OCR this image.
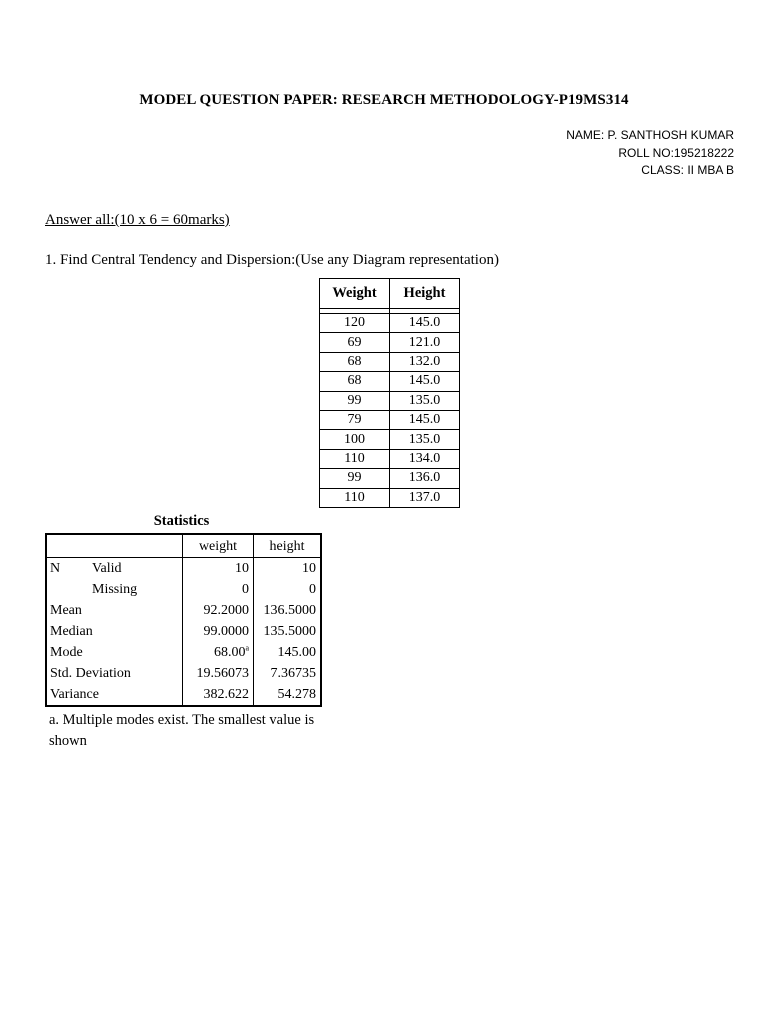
MODEL QUESTION PAPER: RESEARCH METHODOLOGY-P19MS314
NAME: P. SANTHOSH KUMAR
ROLL NO:195218222
CLASS: II MBA B
Answer all:(10 x 6 = 60marks)
1. Find Central Tendency and Dispersion:(Use any Diagram representation)
Weight	Height

120	145.0
69	121.0
68	132.0
68	145.0
99	135.0
79	145.0
100	135.0
110	134.0
99	136.0
110	137.0
Statistics
	weight	height
N Valid	10	10
Missing	0	0
Mean	92.2000	136.5000
Median	99.0000	135.5000
Mode	68.00$^a$	145.00
Std. Deviation	19.56073	7.36735
Variance	382.622	54.278
a. Multiple modes exist. The smallest value is shown
